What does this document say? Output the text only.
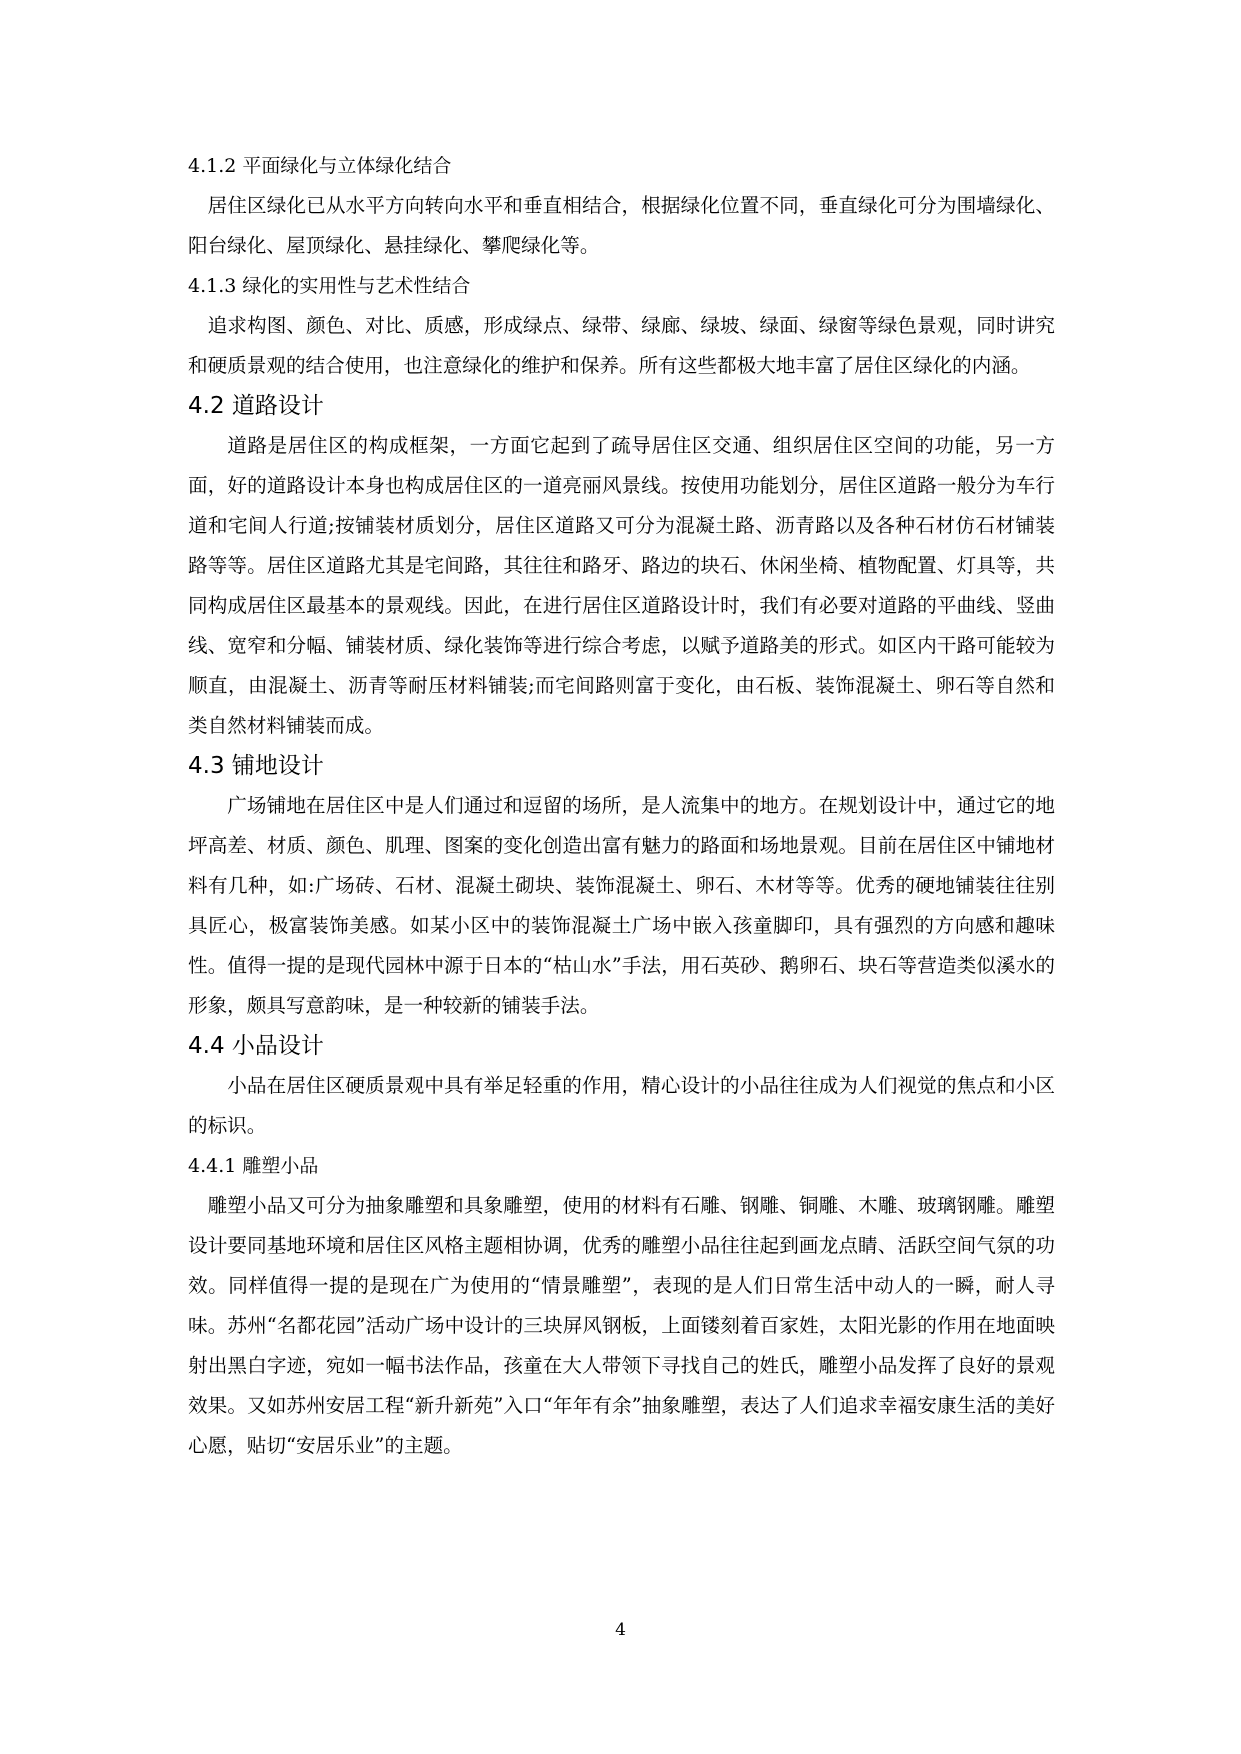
4.1.2 平面绿化与立体绿化结合
居住区绿化已从水平方向转向水平和垂直相结合，根据绿化位置不同，垂直绿化可分为围墙绿化、阳台绿化、屋顶绿化、悬挂绿化、攀爬绿化等。
4.1.3 绿化的实用性与艺术性结合
追求构图、颜色、对比、质感，形成绿点、绿带、绿廊、绿坡、绿面、绿窗等绿色景观，同时讲究和硬质景观的结合使用，也注意绿化的维护和保养。所有这些都极大地丰富了居住区绿化的内涵。
4.2 道路设计
道路是居住区的构成框架，一方面它起到了疏导居住区交通、组织居住区空间的功能，另一方面，好的道路设计本身也构成居住区的一道亮丽风景线。按使用功能划分，居住区道路一般分为车行道和宅间人行道;按铺装材质划分，居住区道路又可分为混凝土路、沥青路以及各种石材仿石材铺装路等等。居住区道路尤其是宅间路，其往往和路牙、路边的块石、休闲坐椅、植物配置、灯具等，共同构成居住区最基本的景观线。因此，在进行居住区道路设计时，我们有必要对道路的平曲线、竖曲线、宽窄和分幅、铺装材质、绿化装饰等进行综合考虑，以赋予道路美的形式。如区内干路可能较为顺直，由混凝土、沥青等耐压材料铺装;而宅间路则富于变化，由石板、装饰混凝土、卵石等自然和类自然材料铺装而成。
4.3 铺地设计
广场铺地在居住区中是人们通过和逗留的场所，是人流集中的地方。在规划设计中，通过它的地坪高差、材质、颜色、肌理、图案的变化创造出富有魅力的路面和场地景观。目前在居住区中铺地材料有几种，如:广场砖、石材、混凝土砌块、装饰混凝土、卵石、木材等等。优秀的硬地铺装往往别具匠心，极富装饰美感。如某小区中的装饰混凝土广场中嵌入孩童脚印，具有强烈的方向感和趣味性。值得一提的是现代园林中源于日本的“枯山水”手法，用石英砂、鹅卵石、块石等营造类似溪水的形象，颇具写意韵味，是一种较新的铺装手法。
4.4 小品设计
小品在居住区硬质景观中具有举足轻重的作用，精心设计的小品往往成为人们视觉的焦点和小区的标识。
4.4.1 雕塑小品
雕塑小品又可分为抽象雕塑和具象雕塑，使用的材料有石雕、钢雕、铜雕、木雕、玻璃钢雕。雕塑设计要同基地环境和居住区风格主题相协调，优秀的雕塑小品往往起到画龙点睛、活跃空间气氛的功效。同样值得一提的是现在广为使用的“情景雕塑”，表现的是人们日常生活中动人的一瞬，耐人寻味。苏州“名都花园”活动广场中设计的三块屏风钢板，上面镂刻着百家姓，太阳光影的作用在地面映射出黑白字迹，宛如一幅书法作品，孩童在大人带领下寻找自己的姓氏，雕塑小品发挥了良好的景观效果。又如苏州安居工程“新升新苑”入口“年年有余”抽象雕塑，表达了人们追求幸福安康生活的美好心愿，贴切“安居乐业”的主题。
4
